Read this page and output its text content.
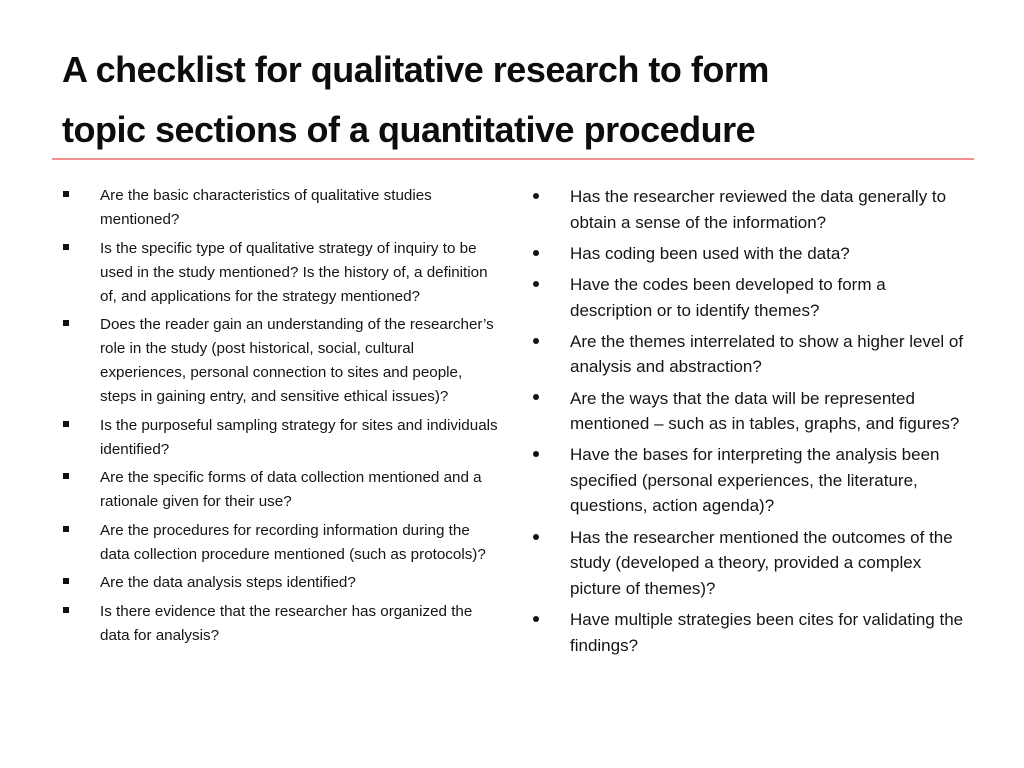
A checklist for qualitative research to form
topic sections of a quantitative procedure
Are the basic characteristics of qualitative studies mentioned?
Is the specific type of qualitative strategy of inquiry to be used in the study mentioned? Is the history of, a definition of, and applications for the strategy mentioned?
Does the reader gain an understanding of the researcher’s role in the study (post historical, social, cultural experiences, personal connection to sites and people, steps in gaining entry, and sensitive ethical issues)?
Is the purposeful sampling strategy for sites and individuals identified?
Are the specific forms of data collection mentioned and a rationale given for their use?
Are the procedures for recording information during the data collection procedure mentioned (such as protocols)?
Are the data analysis steps identified?
Is there evidence that the researcher has organized the data for analysis?
Has the researcher reviewed the data generally to obtain a sense of the information?
Has coding been used with the data?
Have the codes been developed to form a description or to identify themes?
Are the themes interrelated to show a higher level of analysis and abstraction?
Are the ways that the data will be represented mentioned – such as in tables, graphs, and figures?
Have the bases for interpreting the analysis been specified (personal experiences, the literature, questions, action agenda)?
Has the researcher mentioned the outcomes of the study (developed a theory, provided a complex picture of themes)?
Have multiple strategies been cites for validating the findings?
